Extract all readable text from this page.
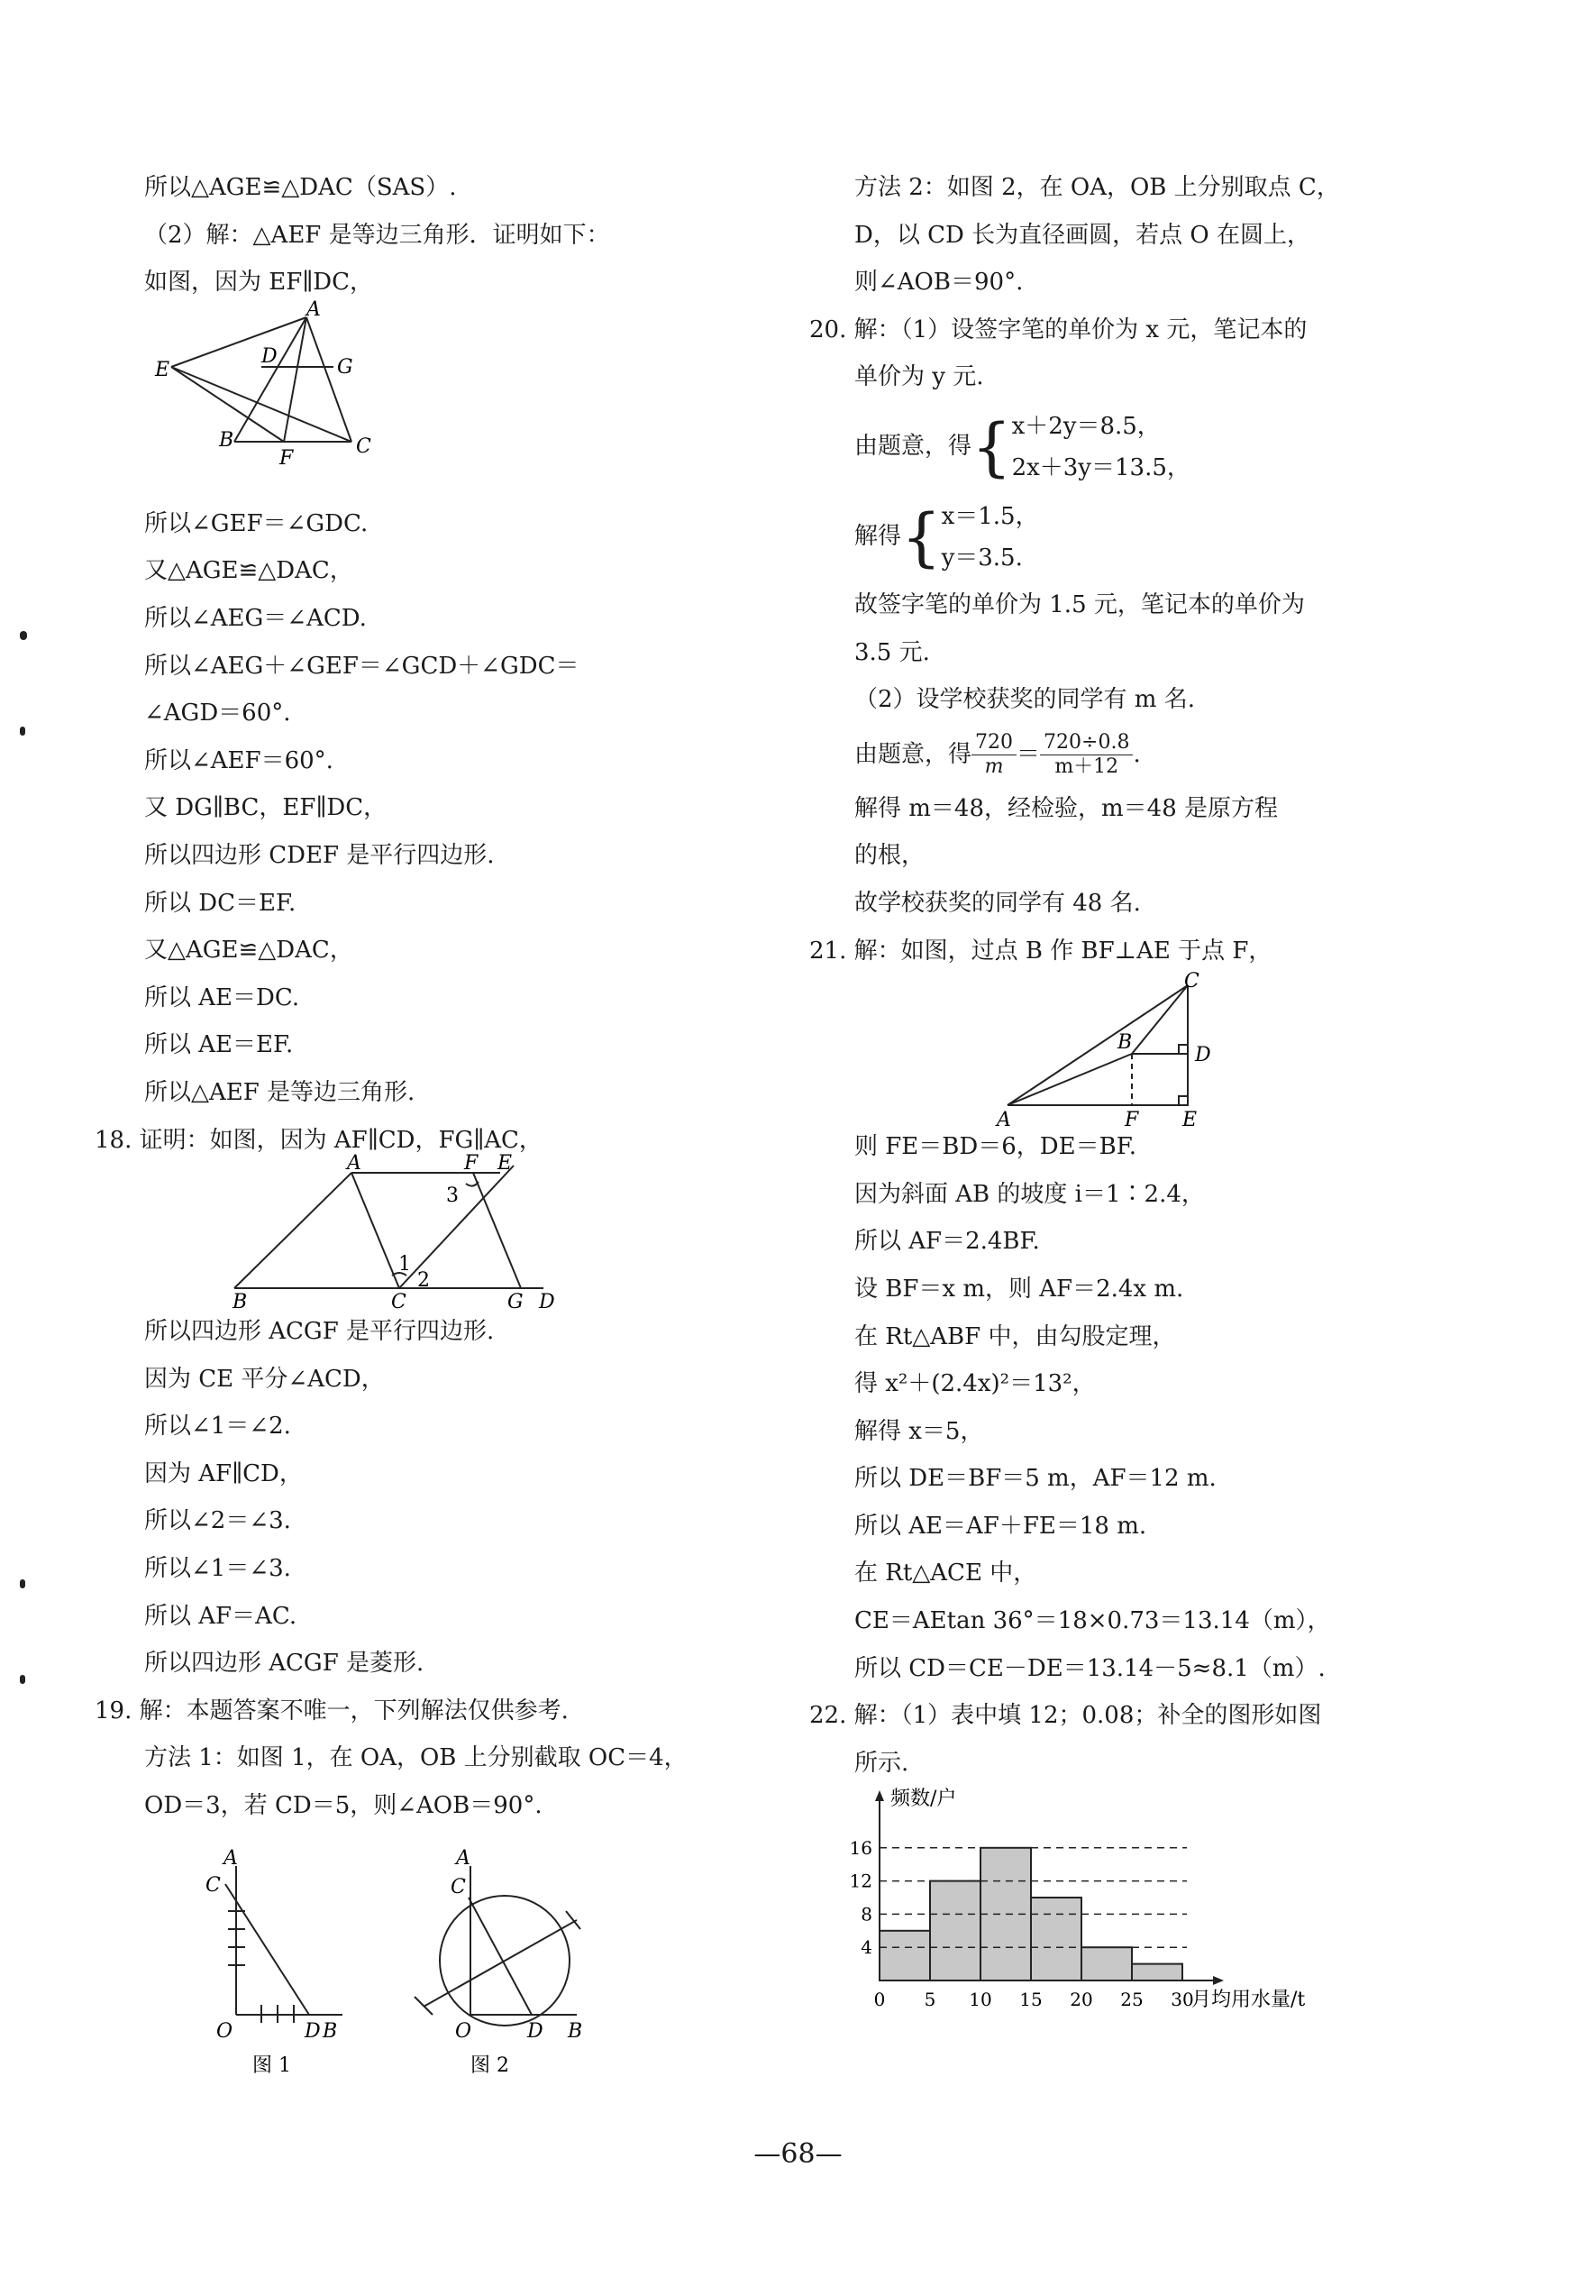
所以△AGE≌△DAC（SAS）.
（2）解：△AEF 是等边三角形．证明如下：
如图，因为 EF∥DC，
A
E
D	G
B
F
C
所以∠GEF＝∠GDC.
又△AGE≌△DAC，
所以∠AEG＝∠ACD.
所以∠AEG＋∠GEF＝∠GCD＋∠GDC＝
∠AGD＝60°.
所以∠AEF＝60°.
又 DG∥BC，EF∥DC，
所以四边形 CDEF 是平行四边形.
所以 DC＝EF.
又△AGE≌△DAC，
所以 AE＝DC.
所以 AE＝EF.
所以△AEF 是等边三角形.
18. 证明：如图，因为 AF∥CD，FG∥AC，
A	F E
3
1
2
B	C	G D
所以四边形 ACGF 是平行四边形.
因为 CE 平分∠ACD，
所以∠1＝∠2.
因为 AF∥CD，
所以∠2＝∠3.
所以∠1＝∠3.
所以 AF＝AC.
所以四边形 ACGF 是菱形.
19. 解：本题答案不唯一，下列解法仅供参考.
方法 1：如图 1，在 OA，OB 上分别截取 OC＝4，
OD＝3，若 CD＝5，则∠AOB＝90°.
A
C
O	D B
图 1
A
C
O	D B
图 2
方法 2：如图 2，在 OA，OB 上分别取点 C，
D，以 CD 长为直径画圆，若点 O 在圆上，
则∠AOB＝90°.
20. 解：（1）设签字笔的单价为 x 元，笔记本的
单价为 y 元.
由题意，得{x＋2y＝8.5，
2x＋3y＝13.5，
解得{x＝1.5，
y＝3.5.
故签字笔的单价为 1.5 元，笔记本的单价为
3.5 元.
（2）设学校获奖的同学有 m 名.
由题意，得 $\frac{720}{m} = \frac{720\div 0.8}{m+12}$ .
解得 m＝48，经检验，m＝48 是原方程
的根，
故学校获奖的同学有 48 名.
21. 解：如图，过点 B 作 BF⊥AE 于点 F，
C
B
D
A	F E
则 FE＝BD＝6，DE＝BF.
因为斜面 AB 的坡度 i＝1∶2.4，
所以 AF＝2.4BF.
设 BF＝x m，则 AF＝2.4x m.
在 Rt△ABF 中，由勾股定理，
得 x²＋(2.4x)²＝13²，
解得 x＝5，
所以 DE＝BF＝5 m，AF＝12 m.
所以 AE＝AF＋FE＝18 m.
在 Rt△ACE 中，
CE＝AEtan 36°＝18×0.73＝13.14（m），
所以 CD＝CE－DE＝13.14－5≈8.1（m）.
22. 解：（1）表中填 12；0.08；补全的图形如图
所示.
4
8
12
16
0 5 10 15 20 25 30
频数/户
月均用水量/t
—68—
